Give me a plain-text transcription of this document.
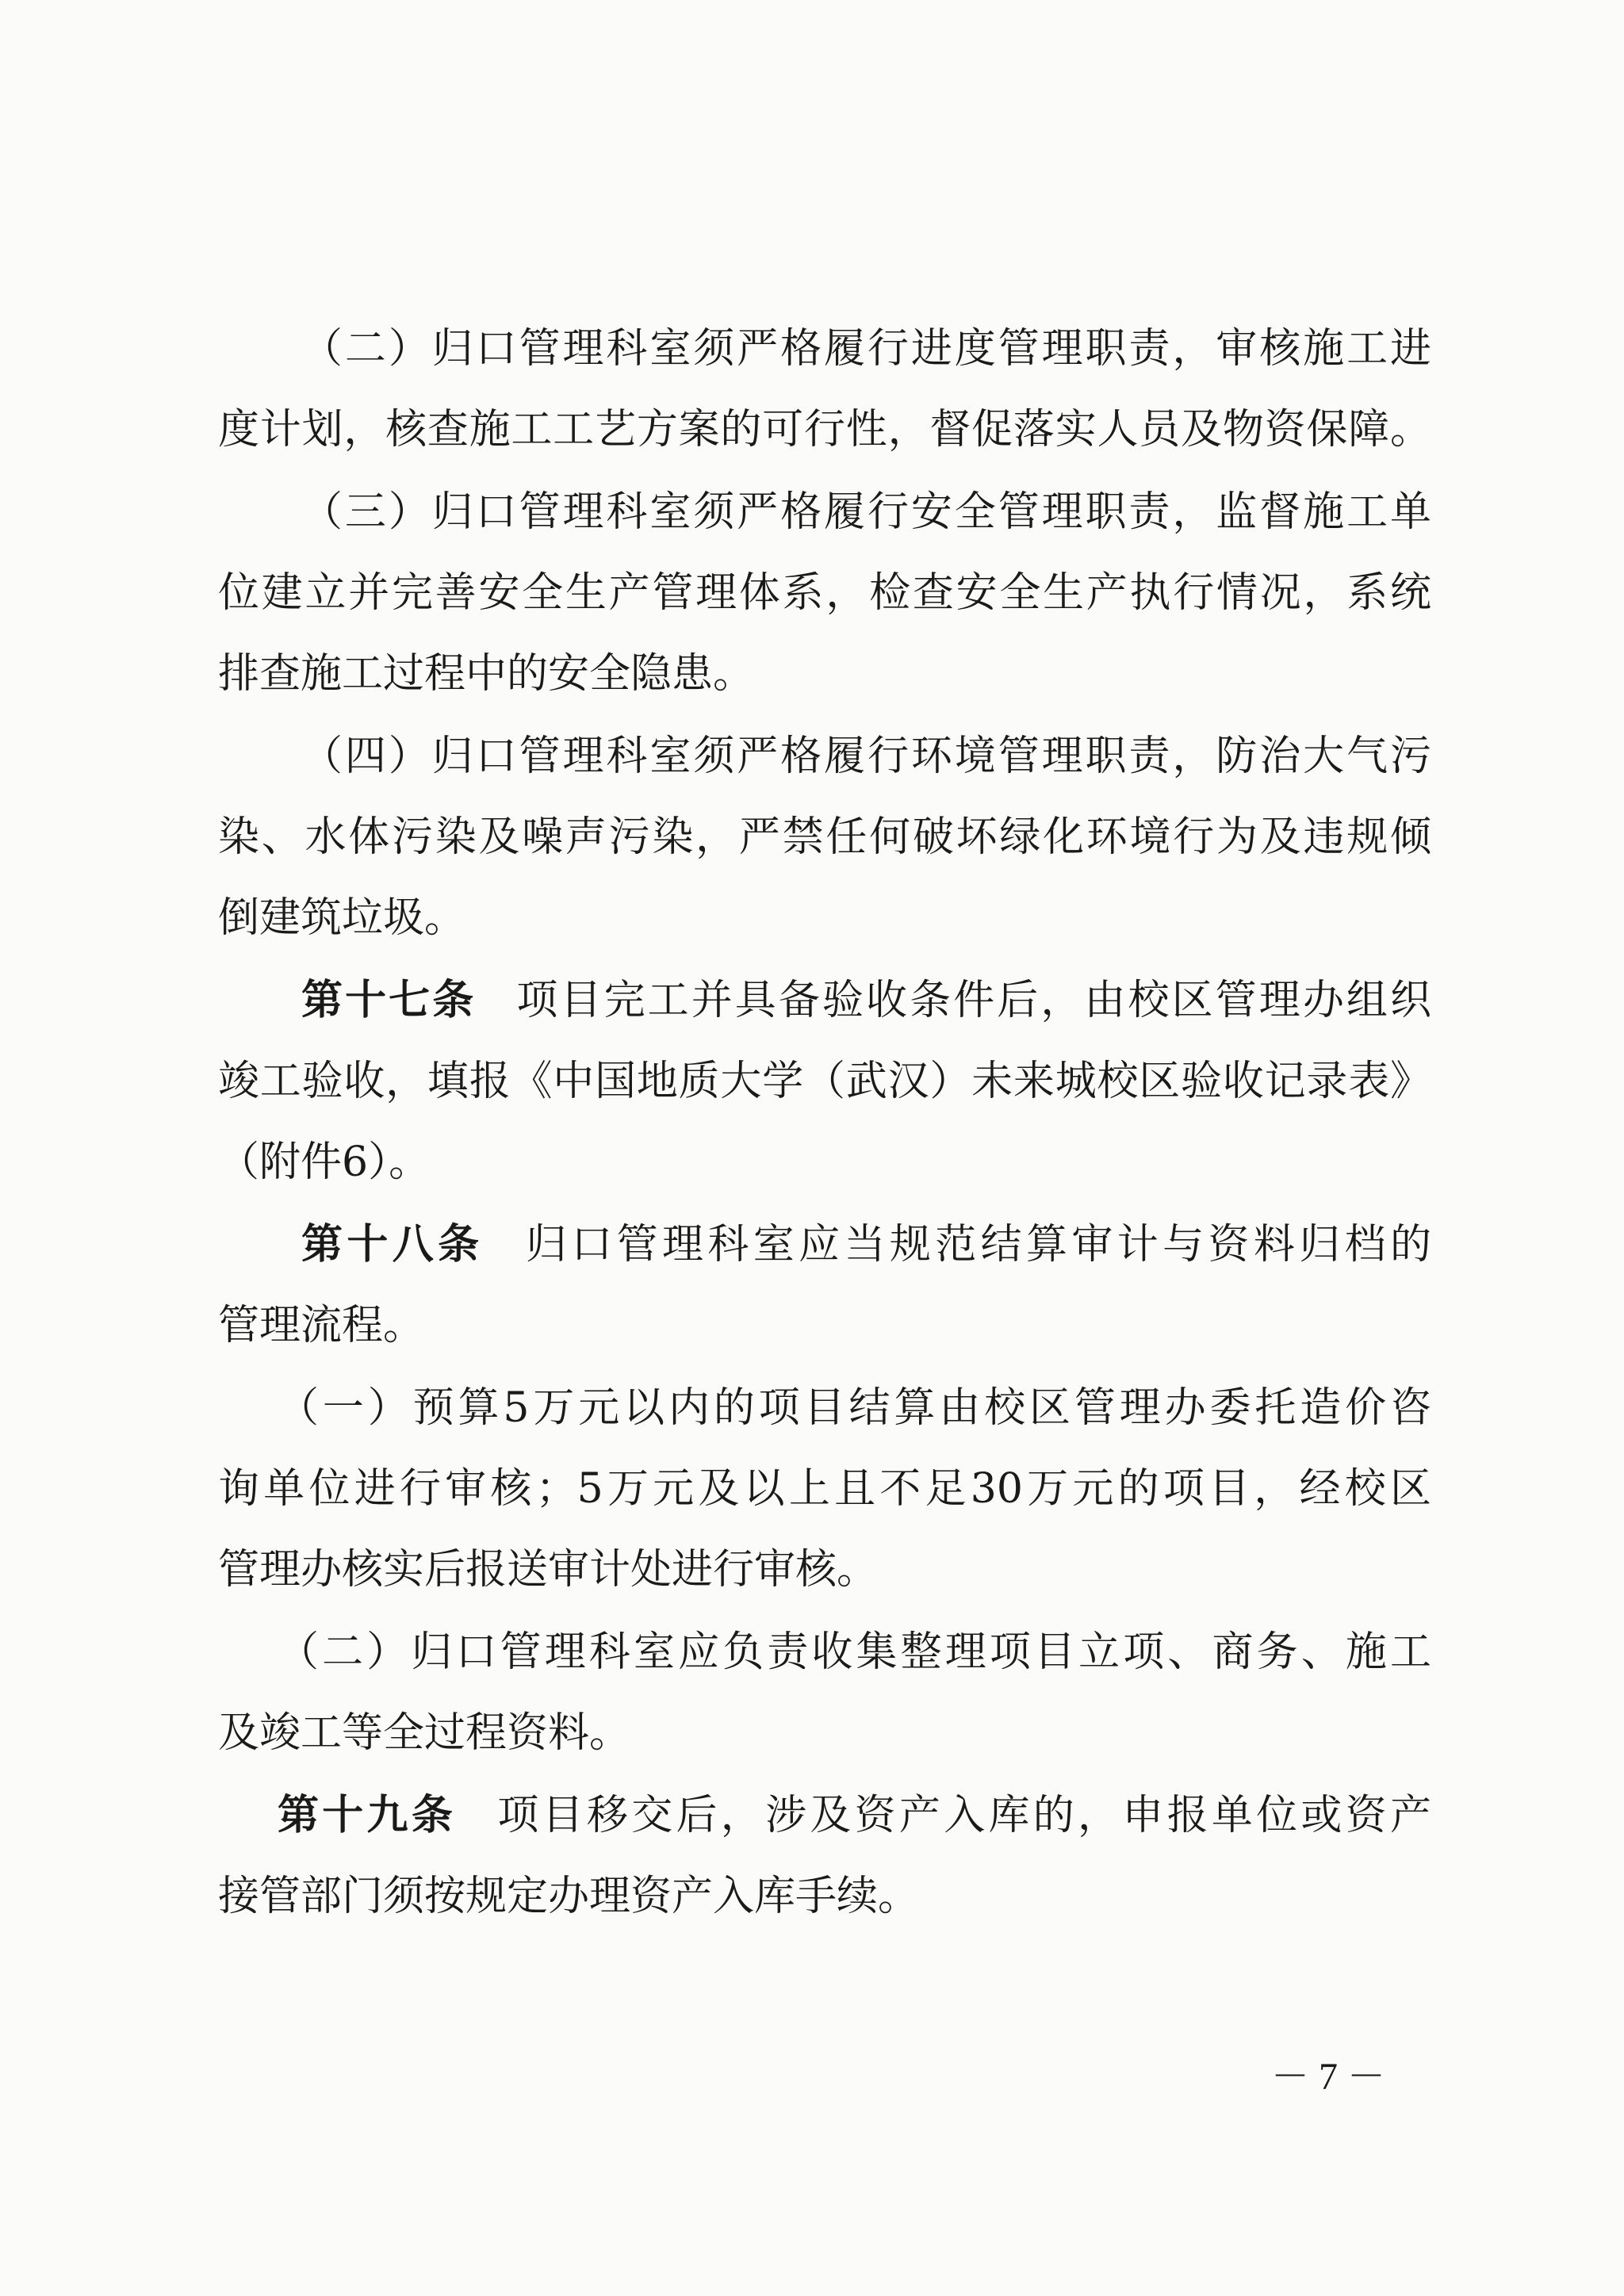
（二）归口管理科室须严格履行进度管理职责，审核施工进
度计划，核查施工工艺方案的可行性，督促落实人员及物资保障。
（三）归口管理科室须严格履行安全管理职责，监督施工单
位建立并完善安全生产管理体系，检查安全生产执行情况，系统
排查施工过程中的安全隐患。
（四）归口管理科室须严格履行环境管理职责，防治大气污
染、水体污染及噪声污染，严禁任何破坏绿化环境行为及违规倾
倒建筑垃圾。
第十七条 项目完工并具备验收条件后，由校区管理办组织
竣工验收，填报《中国地质大学（武汉）未来城校区验收记录表》
（附件6）。
第十八条 归口管理科室应当规范结算审计与资料归档的
管理流程。
（一）预算5万元以内的项目结算由校区管理办委托造价咨
询单位进行审核；5万元及以上且不足30万元的项目，经校区
管理办核实后报送审计处进行审核。
（二）归口管理科室应负责收集整理项目立项、商务、施工
及竣工等全过程资料。
第十九条 项目移交后，涉及资产入库的，申报单位或资产
接管部门须按规定办理资产入库手续。
－ 7 －
